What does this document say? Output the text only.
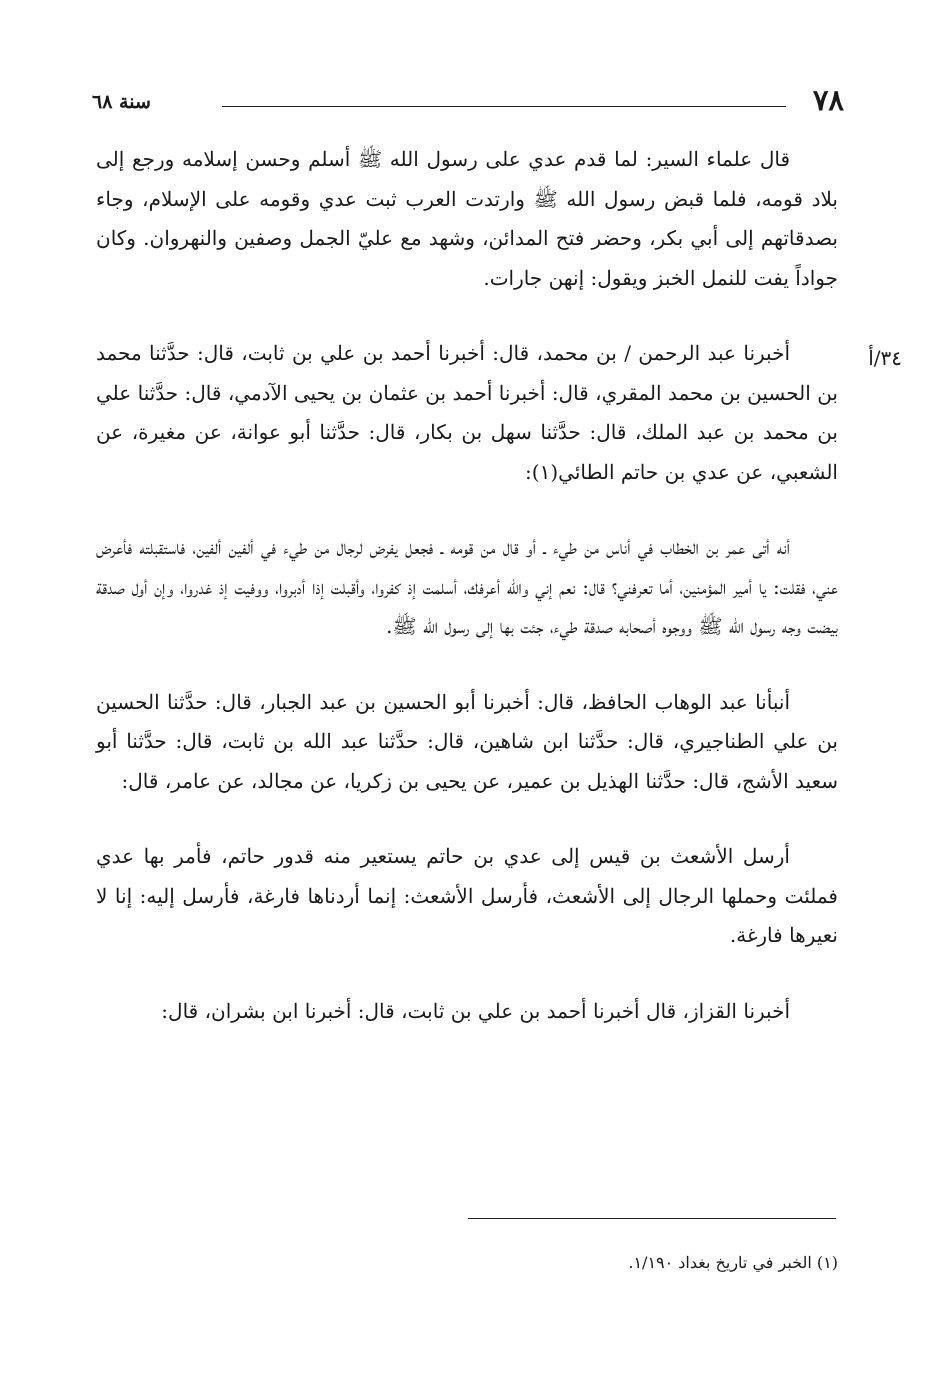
٧٨
سنة ٦٨
٣٤/أ

قال علماء السير: لما قدم عدي على رسول الله ﷺ أسلم وحسن إسلامه ورجع إلى بلاد قومه، فلما قبض رسول الله ﷺ وارتدت العرب ثبت عدي وقومه على الإسلام، وجاء بصدقاتهم إلى أبي بكر، وحضر فتح المدائن، وشهد مع عليّ الجمل وصفين والنهروان. وكان جواداً يفت للنمل الخبز ويقول: إنهن جارات.

أخبرنا عبد الرحمن / بن محمد، قال: أخبرنا أحمد بن علي بن ثابت، قال: حدَّثنا محمد بن الحسين بن محمد المقري، قال: أخبرنا أحمد بن عثمان بن يحيى الآدمي، قال: حدَّثنا علي بن محمد بن عبد الملك، قال: حدَّثنا سهل بن بكار، قال: حدَّثنا أبو عوانة، عن مغيرة، عن الشعبي، عن عدي بن حاتم الطائي(١):

أنه أتى عمر بن الخطاب في أناس من طيء ـ أو قال من قومه ـ فجعل يفرض لرجال من طيء في ألفين ألفين، فاستقبلته فأعرض عني، فقلت: يا أمير المؤمنين، أما تعرفني؟ قال: نعم إني والله أعرفك، أسلمت إذ كفروا، وأقبلت إذا أدبروا، ووفيت إذ غدروا، وإن أول صدقة بيضت وجه رسول الله ﷺ ووجوه أصحابه صدقة طيء، جئت بها إلى رسول الله ﷺ.

أنبأنا عبد الوهاب الحافظ، قال: أخبرنا أبو الحسين بن عبد الجبار، قال: حدَّثنا الحسين بن علي الطناجيري، قال: حدَّثنا ابن شاهين، قال: حدَّثنا عبد الله بن ثابت، قال: حدَّثنا أبو سعيد الأشج، قال: حدَّثنا الهذيل بن عمير، عن يحيى بن زكريا، عن مجالد، عن عامر، قال:

أرسل الأشعث بن قيس إلى عدي بن حاتم يستعير منه قدور حاتم، فأمر بها عدي فملئت وحملها الرجال إلى الأشعث، فأرسل الأشعث: إنما أردناها فارغة، فأرسل إليه: إنا لا نعيرها فارغة.

أخبرنا القزاز، قال أخبرنا أحمد بن علي بن ثابت، قال: أخبرنا ابن بشران، قال:

(١) الخبر في تاريخ بغداد ١/١٩٠.
